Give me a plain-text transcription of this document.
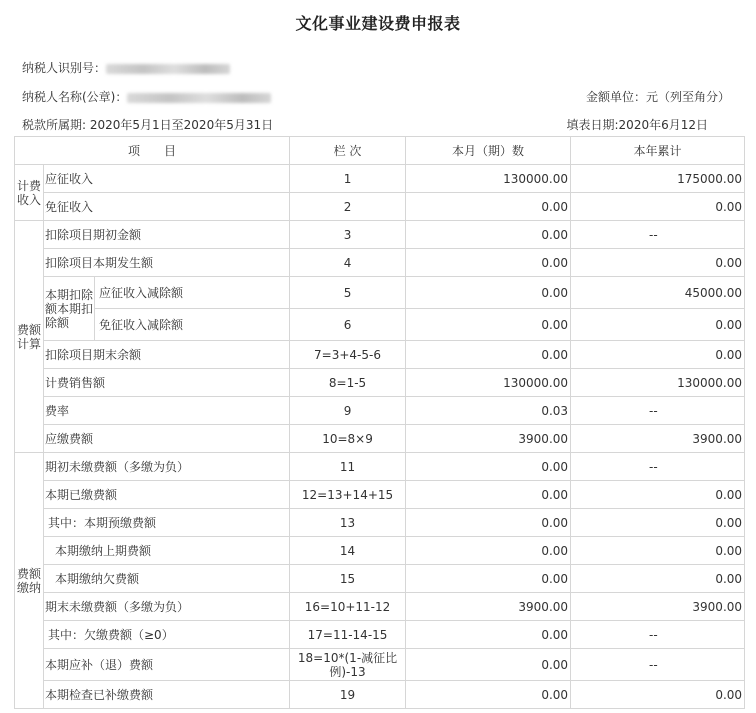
文化事业建设费申报表
纳税人识别号：
纳税人名称(公章)：	金额单位：元（列至角分）
税款所属期: 2020年5月1日至2020年5月31日	填表日期:2020年6月12日
项　　目			栏 次	本月（期）数	本年累计
计费收入	应征收入		1	130000.00	175000.00
	免征收入		2	0.00	0.00
费额计算	扣除项目期初金额		3	0.00	--
	扣除项目本期发生额		4	0.00	0.00
	本期扣除额本期扣除额	应征收入减除额	5	0.00	45000.00
		免征收入减除额	6	0.00	0.00
	扣除项目期末余额		7=3+4-5-6	0.00	0.00
	计费销售额		8=1-5	130000.00	130000.00
	费率		9	0.03	--
	应缴费额		10=8×9	3900.00	3900.00
费额缴纳	期初未缴费额（多缴为负）		11	0.00	--
	本期已缴费额		12=13+14+15	0.00	0.00
	其中：本期预缴费额		13	0.00	0.00
	本期缴纳上期费额		14	0.00	0.00
	本期缴纳欠费额		15	0.00	0.00
	期末未缴费额（多缴为负）		16=10+11-12	3900.00	3900.00
	其中：欠缴费额（≥0）		17=11-14-15	0.00	--
	本期应补（退）费额		18=10*(1-减征比例)-13	0.00	--
	本期检查已补缴费额		19	0.00	0.00
